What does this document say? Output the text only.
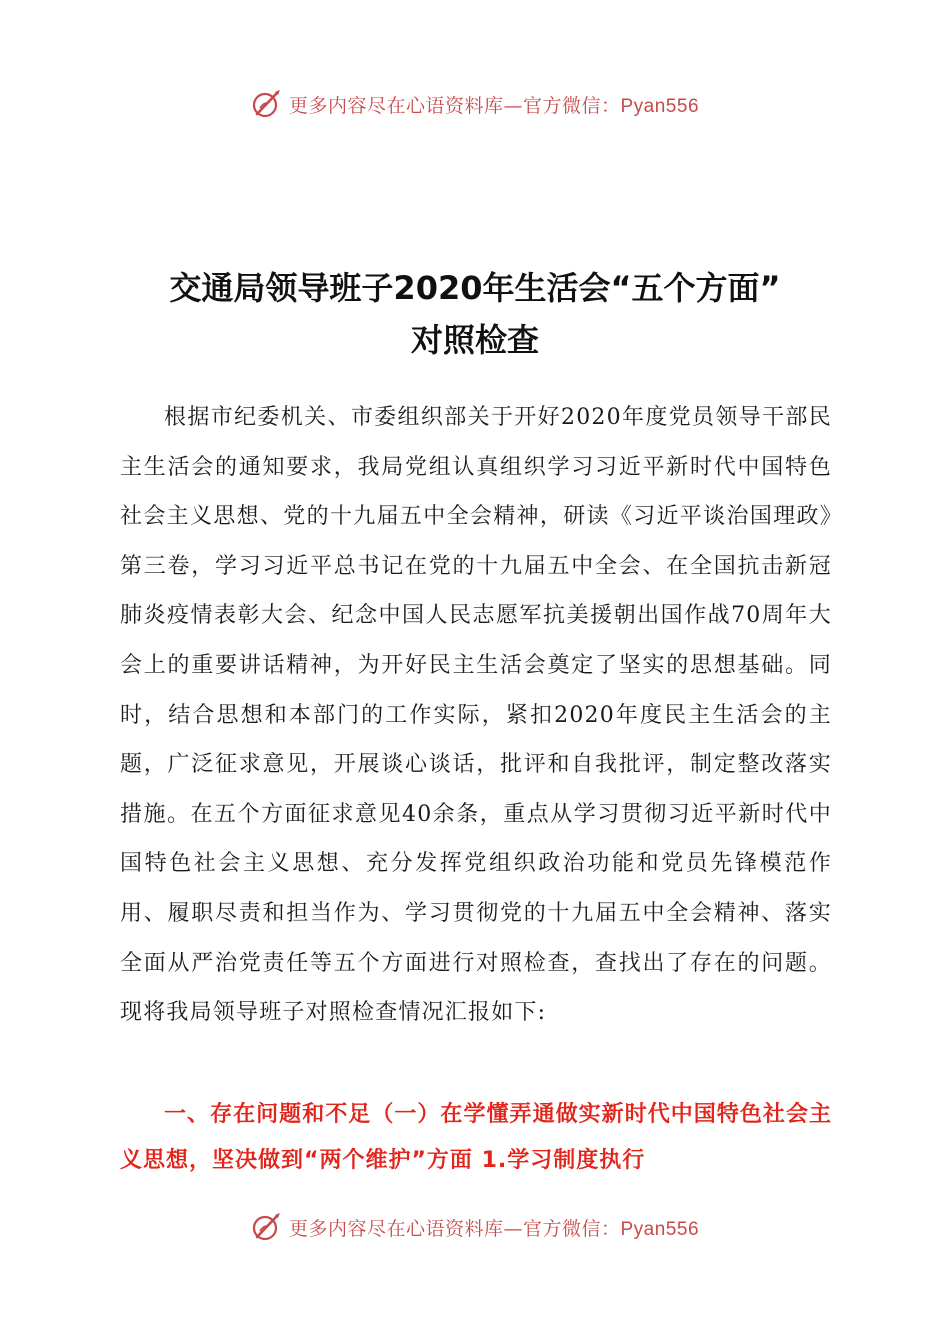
更多内容尽在心语资料库—官方微信：Pyan556
交通局领导班子2020年生活会“五个方面”
对照检查

根据市纪委机关、市委组织部关于开好2020年度党员领导干部民主生活会的通知要求，我局党组认真组织学习习近平新时代中国特色社会主义思想、党的十九届五中全会精神，研读《习近平谈治国理政》第三卷，学习习近平总书记在党的十九届五中全会、在全国抗击新冠肺炎疫情表彰大会、纪念中国人民志愿军抗美援朝出国作战70周年大会上的重要讲话精神，为开好民主生活会奠定了坚实的思想基础。同时，结合思想和本部门的工作实际，紧扣2020年度民主生活会的主题，广泛征求意见，开展谈心谈话，批评和自我批评，制定整改落实措施。在五个方面征求意见40余条，重点从学习贯彻习近平新时代中国特色社会主义思想、充分发挥党组织政治功能和党员先锋模范作用、履职尽责和担当作为、学习贯彻党的十九届五中全会精神、落实全面从严治党责任等五个方面进行对照检查，查找出了存在的问题。现将我局领导班子对照检查情况汇报如下:

一、存在问题和不足（一）在学懂弄通做实新时代中国特色社会主义思想，坚决做到“两个维护”方面 1.学习制度执行

更多内容尽在心语资料库—官方微信：Pyan556
